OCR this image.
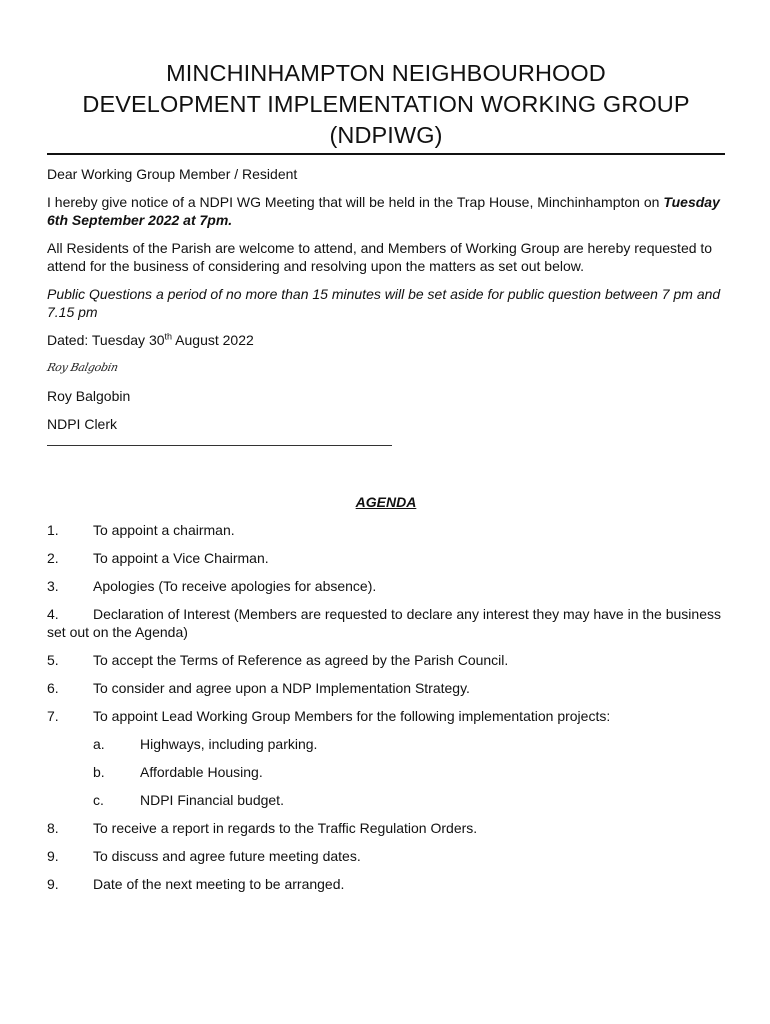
MINCHINHAMPTON NEIGHBOURHOOD
DEVELOPMENT IMPLEMENTATION WORKING GROUP
(NDPIWG)

Dear Working Group Member / Resident

I hereby give notice of a NDPI WG Meeting that will be held in the Trap House, Minchinhampton on Tuesday 6th September 2022 at 7pm.

All Residents of the Parish are welcome to attend, and Members of Working Group are hereby requested to attend for the business of considering and resolving upon the matters as set out below.

Public Questions a period of no more than 15 minutes will be set aside for public question between 7 pm and 7.15 pm

Dated: Tuesday 30th August 2022

Roy Balgobin

Roy Balgobin

NDPI Clerk

AGENDA
1.	To appoint a chairman.
2.	To appoint a Vice Chairman.
3.	Apologies (To receive apologies for absence).
4. Declaration of Interest (Members are requested to declare any interest they may have in the business set out on the Agenda)
5.	To accept the Terms of Reference as agreed by the Parish Council.
6.	To consider and agree upon a NDP Implementation Strategy.
7.	To appoint Lead Working Group Members for the following implementation projects:
a.	Highways, including parking.
b.	Affordable Housing.
c.	NDPI Financial budget.
8.	To receive a report in regards to the Traffic Regulation Orders.
9.	To discuss and agree future meeting dates.
9.	Date of the next meeting to be arranged.
